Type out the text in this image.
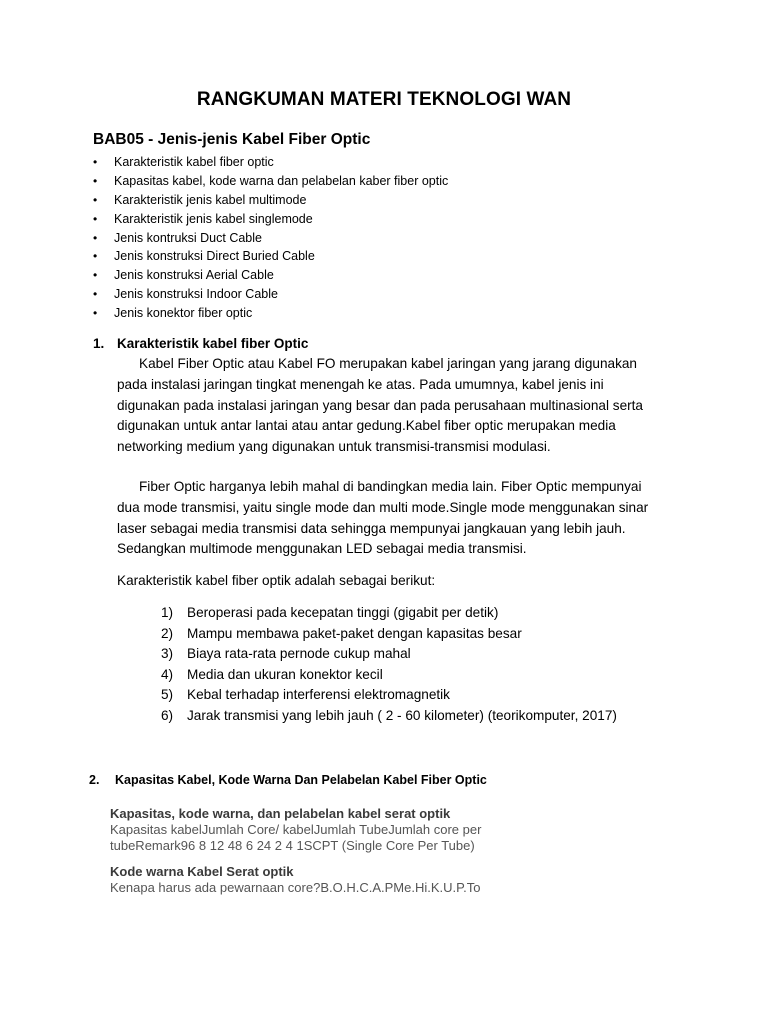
RANGKUMAN MATERI TEKNOLOGI WAN
BAB05 - Jenis-jenis Kabel Fiber Optic
• Karakteristik kabel fiber optic
• Kapasitas kabel, kode warna dan pelabelan kaber fiber optic
• Karakteristik jenis kabel multimode
• Karakteristik jenis kabel singlemode
• Jenis kontruksi Duct Cable
• Jenis konstruksi Direct Buried Cable
• Jenis konstruksi Aerial Cable
• Jenis konstruksi Indoor Cable
• Jenis konektor fiber optic
1. Karakteristik kabel fiber Optic
Kabel Fiber Optic atau Kabel FO merupakan kabel jaringan yang jarang digunakan
pada instalasi jaringan tingkat menengah ke atas. Pada umumnya, kabel jenis ini
digunakan pada instalasi jaringan yang besar dan pada perusahaan multinasional serta
digunakan untuk antar lantai atau antar gedung.Kabel fiber optic merupakan media
networking medium yang digunakan untuk transmisi-transmisi modulasi.
Fiber Optic harganya lebih mahal di bandingkan media lain. Fiber Optic mempunyai
dua mode transmisi, yaitu single mode dan multi mode.Single mode menggunakan sinar
laser sebagai media transmisi data sehingga mempunyai jangkauan yang lebih jauh.
Sedangkan multimode menggunakan LED sebagai media transmisi.
Karakteristik kabel fiber optik adalah sebagai berikut:
1) Beroperasi pada kecepatan tinggi (gigabit per detik)
2) Mampu membawa paket-paket dengan kapasitas besar
3) Biaya rata-rata pernode cukup mahal
4) Media dan ukuran konektor kecil
5) Kebal terhadap interferensi elektromagnetik
6) Jarak transmisi yang lebih jauh ( 2 - 60 kilometer) (teorikomputer, 2017)
2. Kapasitas Kabel, Kode Warna Dan Pelabelan Kabel Fiber Optic
Kapasitas, kode warna, dan pelabelan kabel serat optik
Kapasitas kabelJumlah Core/ kabelJumlah TubeJumlah core per
tubeRemark96 8 12 48 6 24 2 4 1SCPT (Single Core Per Tube)
Kode warna Kabel Serat optik
Kenapa harus ada pewarnaan core?B.O.H.C.A.PMe.Hi.K.U.P.To
